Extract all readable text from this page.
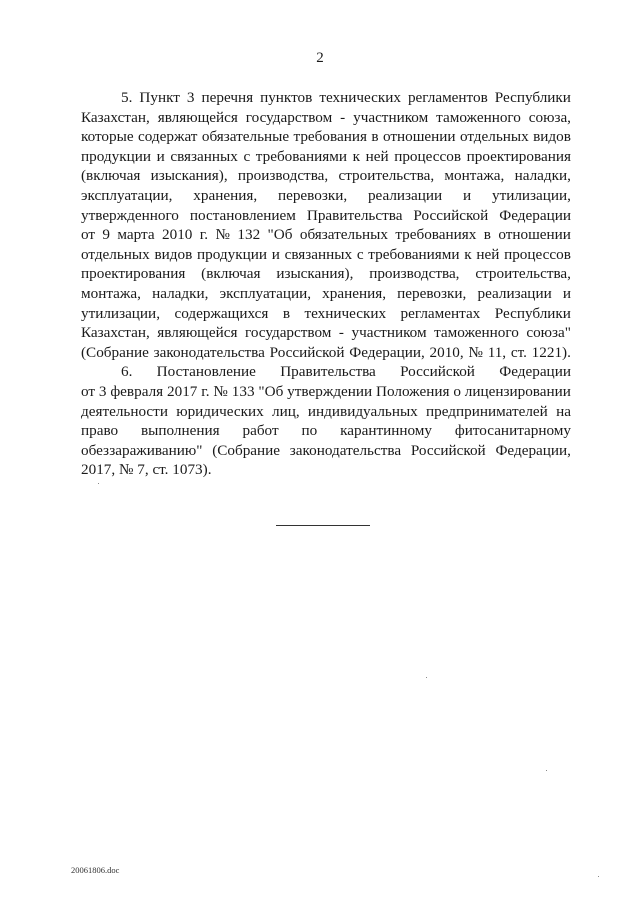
2
5. Пункт 3 перечня пунктов технических регламентов Республики
Казахстан, являющейся государством - участником таможенного союза,
которые содержат обязательные требования в отношении отдельных видов
продукции и связанных с требованиями к ней процессов проектирования
(включая изыскания), производства, строительства, монтажа, наладки,
эксплуатации, хранения, перевозки, реализации и утилизации,
утвержденного постановлением Правительства Российской Федерации
от 9 марта 2010 г. № 132 "Об обязательных требованиях в отношении
отдельных видов продукции и связанных с требованиями к ней процессов
проектирования (включая изыскания), производства, строительства,
монтажа, наладки, эксплуатации, хранения, перевозки, реализации и
утилизации, содержащихся в технических регламентах Республики
Казахстан, являющейся государством - участником таможенного союза"
(Собрание законодательства Российской Федерации, 2010, № 11, ст. 1221).
6. Постановление Правительства Российской Федерации
от 3 февраля 2017 г. № 133 "Об утверждении Положения о лицензировании
деятельности юридических лиц, индивидуальных предпринимателей на
право выполнения работ по карантинному фитосанитарному
обеззараживанию" (Собрание законодательства Российской Федерации,
2017, № 7, ст. 1073).
20061806.doc
